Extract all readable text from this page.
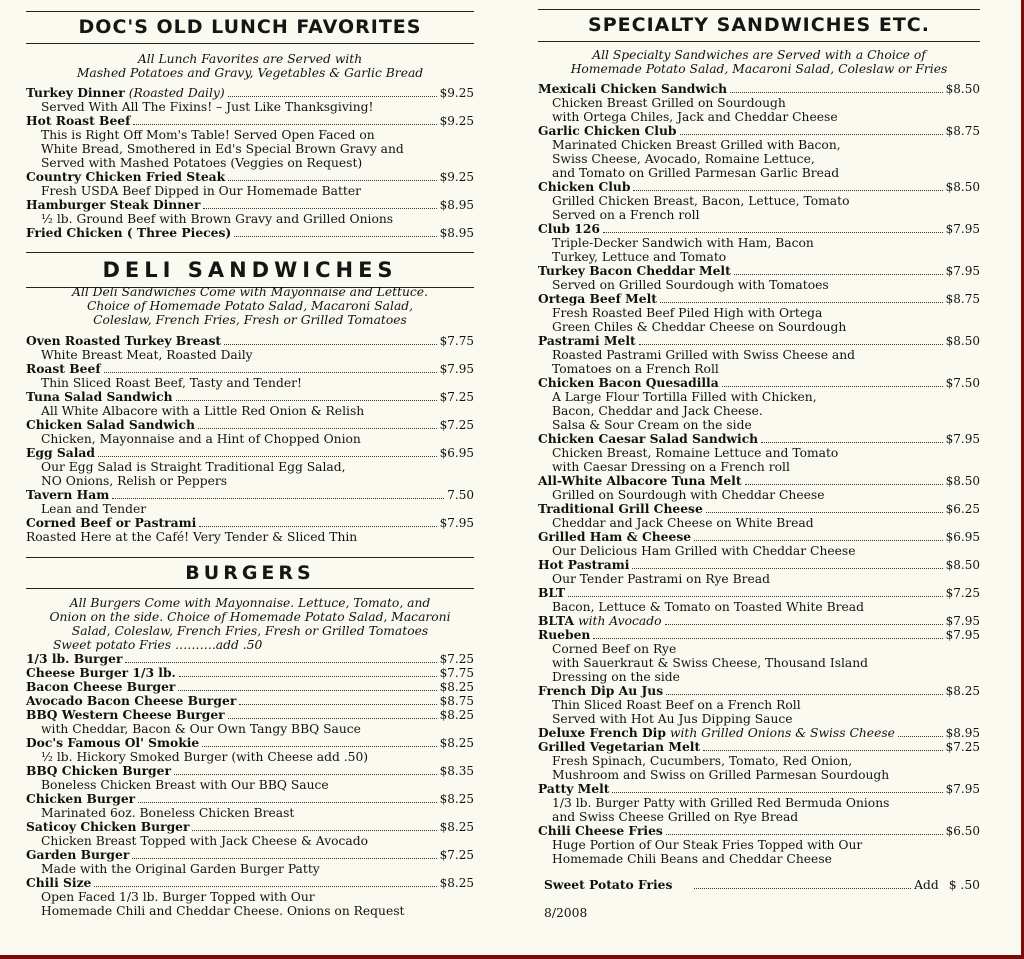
DOC'S OLD LUNCH FAVORITES
All Lunch Favorites are Served with
Mashed Potatoes and Gravy, Vegetables & Garlic Bread
Turkey Dinner (Roasted Daily)	$9.25
Served With All The Fixins! – Just Like Thanksgiving!
Hot Roast Beef	$9.25
This is Right Off Mom's Table! Served Open Faced on
White Bread, Smothered in Ed's Special Brown Gravy and
Served with Mashed Potatoes (Veggies on Request)
Country Chicken Fried Steak	$9.25
Fresh USDA Beef Dipped in Our Homemade Batter
Hamburger Steak Dinner	$8.95
½ lb. Ground Beef with Brown Gravy and Grilled Onions
Fried Chicken ( Three Pieces)	$8.95
DELI SANDWICHES
All Deli Sandwiches Come with Mayonnaise and Lettuce.
Choice of Homemade Potato Salad, Macaroni Salad,
Coleslaw, French Fries, Fresh or Grilled Tomatoes
Oven Roasted Turkey Breast	$7.75
White Breast Meat, Roasted Daily
Roast Beef	$7.95
Thin Sliced Roast Beef, Tasty and Tender!
Tuna Salad Sandwich	$7.25
All White Albacore with a Little Red Onion & Relish
Chicken Salad Sandwich	$7.25
Chicken, Mayonnaise and a Hint of Chopped Onion
Egg Salad	$6.95
Our Egg Salad is Straight Traditional Egg Salad,
NO Onions, Relish or Peppers
Tavern Ham	7.50
Lean and Tender
Corned Beef or Pastrami	$7.95
Roasted Here at the Café! Very Tender & Sliced Thin
BURGERS
All Burgers Come with Mayonnaise. Lettuce, Tomato, and
Onion on the side. Choice of Homemade Potato Salad, Macaroni
Salad, Coleslaw, French Fries, Fresh or Grilled Tomatoes
Sweet potato Fries ……….add .50
1/3 lb. Burger	$7.25
Cheese Burger 1/3 lb.	$7.75
Bacon Cheese Burger	$8.25
Avocado Bacon Cheese Burger	$8.75
BBQ Western Cheese Burger	$8.25
with Cheddar, Bacon & Our Own Tangy BBQ Sauce
Doc's Famous Ol' Smokie	$8.25
½ lb. Hickory Smoked Burger (with Cheese add .50)
BBQ Chicken Burger	$8.35
Boneless Chicken Breast with Our BBQ Sauce
Chicken Burger	$8.25
Marinated 6oz. Boneless Chicken Breast
Saticoy Chicken Burger	$8.25
Chicken Breast Topped with Jack Cheese & Avocado
Garden Burger	$7.25
Made with the Original Garden Burger Patty
Chili Size	$8.25
Open Faced 1/3 lb. Burger Topped with Our
Homemade Chili and Cheddar Cheese. Onions on Request
SPECIALTY SANDWICHES ETC.
All Specialty Sandwiches are Served with a Choice of
Homemade Potato Salad, Macaroni Salad, Coleslaw or Fries
Mexicali Chicken Sandwich	$8.50
Chicken Breast Grilled on Sourdough
with Ortega Chiles, Jack and Cheddar Cheese
Garlic Chicken Club	$8.75
Marinated Chicken Breast Grilled with Bacon,
Swiss Cheese, Avocado, Romaine Lettuce,
and Tomato on Grilled Parmesan Garlic Bread
Chicken Club	$8.50
Grilled Chicken Breast, Bacon, Lettuce, Tomato
Served on a French roll
Club 126	$7.95
Triple-Decker Sandwich with Ham, Bacon
Turkey, Lettuce and Tomato
Turkey Bacon Cheddar Melt	$7.95
Served on Grilled Sourdough with Tomatoes
Ortega Beef Melt	$8.75
Fresh Roasted Beef Piled High with Ortega
Green Chiles & Cheddar Cheese on Sourdough
Pastrami Melt	$8.50
Roasted Pastrami Grilled with Swiss Cheese and
Tomatoes on a French Roll
Chicken Bacon Quesadilla	$7.50
A Large Flour Tortilla Filled with Chicken,
Bacon, Cheddar and Jack Cheese.
Salsa & Sour Cream on the side
Chicken Caesar Salad Sandwich	$7.95
Chicken Breast, Romaine Lettuce and Tomato
with Caesar Dressing on a French roll
All-White Albacore Tuna Melt	$8.50
Grilled on Sourdough with Cheddar Cheese
Traditional Grill Cheese	$6.25
Cheddar and Jack Cheese on White Bread
Grilled Ham & Cheese	$6.95
Our Delicious Ham Grilled with Cheddar Cheese
Hot Pastrami	$8.50
Our Tender Pastrami on Rye Bread
BLT	$7.25
Bacon, Lettuce & Tomato on Toasted White Bread
BLTA with Avocado	$7.95
Rueben	$7.95
Corned Beef on Rye
with Sauerkraut & Swiss Cheese, Thousand Island
Dressing on the side
French Dip Au Jus	$8.25
Thin Sliced Roast Beef on a French Roll
Served with Hot Au Jus Dipping Sauce
Deluxe French Dip with Grilled Onions & Swiss Cheese	$8.95
Grilled Vegetarian Melt	$7.25
Fresh Spinach, Cucumbers, Tomato, Red Onion,
Mushroom and Swiss on Grilled Parmesan Sourdough
Patty Melt	$7.95
1/3 lb. Burger Patty with Grilled Red Bermuda Onions
and Swiss Cheese Grilled on Rye Bread
Chili Cheese Fries	$6.50
Huge Portion of Our Steak Fries Topped with Our
Homemade Chili Beans and Cheddar Cheese
Sweet Potato Fries	Add $ .50
8/2008
